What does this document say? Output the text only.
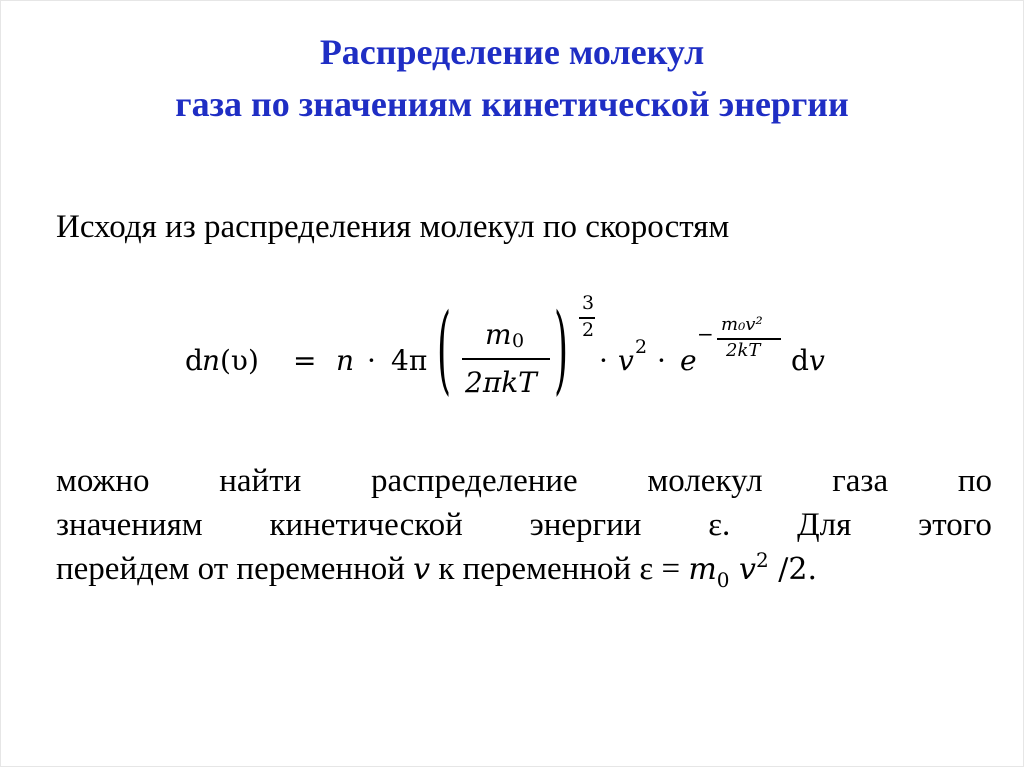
Распределение молекул
газа по значениям кинетической энергии
Исходя из распределения молекул по скоростям
d n (υ) = n · 4π ( m 0
2πkT ) 3
2
· v 2 · e
− m₀v²
2kT d v
можно найти распределение молекул газа по
значениям кинетической энергии ε. Для этого
перейдем от переменной v к переменной $\varepsilon = m_0$ $v^2$ /2.
